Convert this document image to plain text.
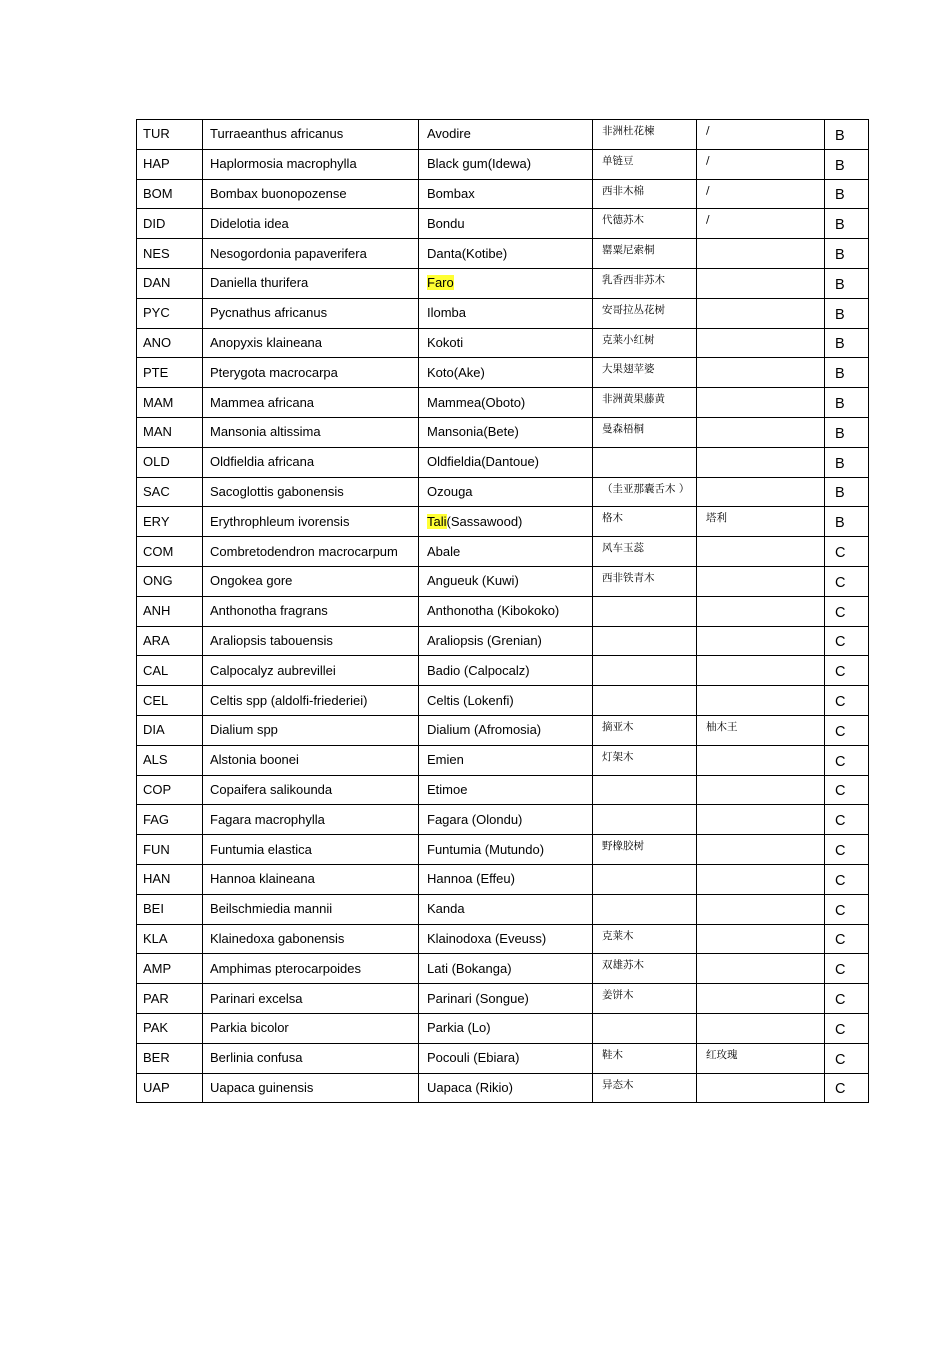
TUR	Turraeanthus africanus	Avodire	非洲杜花楝	/	B
HAP	Haplormosia macrophylla	Black gum(Idewa)	单链豆	/	B
BOM	Bombax buonopozense	Bombax	西非木棉	/	B
DID	Didelotia idea	Bondu	代德苏木	/	B
NES	Nesogordonia papaverifera	Danta(Kotibe)	罂粟尼索桐		B
DAN	Daniella thurifera	Faro	乳香西非苏木		B
PYC	Pycnathus africanus	Ilomba	安哥拉丛花树		B
ANO	Anopyxis klaineana	Kokoti	克莱小红树		B
PTE	Pterygota macrocarpa	Koto(Ake)	大果翅苹婆		B
MAM	Mammea africana	Mammea(Oboto)	非洲黄果藤黄		B
MAN	Mansonia altissima	Mansonia(Bete)	曼森梧桐		B
OLD	Oldfieldia africana	Oldfieldia(Dantoue)			B
SAC	Sacoglottis gabonensis	Ozouga	（圭亚那囊舌木 ）		B
ERY	Erythrophleum ivorensis	Tali(Sassawood)	格木	塔利	B
COM	Combretodendron macrocarpum	Abale	风车玉蕊		C
ONG	Ongokea gore	Angueuk (Kuwi)	西非铁青木		C
ANH	Anthonotha fragrans	Anthonotha (Kibokoko)			C
ARA	Araliopsis tabouensis	Araliopsis (Grenian)			C
CAL	Calpocalyz aubrevillei	Badio (Calpocalz)			C
CEL	Celtis spp (aldolfi-friederiei)	Celtis (Lokenfi)			C
DIA	Dialium spp	Dialium (Afromosia)	摘亚木	柚木王	C
ALS	Alstonia boonei	Emien	灯架木		C
COP	Copaifera salikounda	Etimoe			C
FAG	Fagara macrophylla	Fagara (Olondu)			C
FUN	Funtumia elastica	Funtumia (Mutundo)	野橡胶树		C
HAN	Hannoa klaineana	Hannoa (Effeu)			C
BEI	Beilschmiedia mannii	Kanda			C
KLA	Klainedoxa gabonensis	Klainodoxa (Eveuss)	克莱木		C
AMP	Amphimas pterocarpoides	Lati (Bokanga)	双雄苏木		C
PAR	Parinari excelsa	Parinari (Songue)	姜饼木		C
PAK	Parkia bicolor	Parkia (Lo)			C
BER	Berlinia confusa	Pocouli (Ebiara)	鞋木	红玫瑰	C
UAP	Uapaca guinensis	Uapaca (Rikio)	异态木		C
